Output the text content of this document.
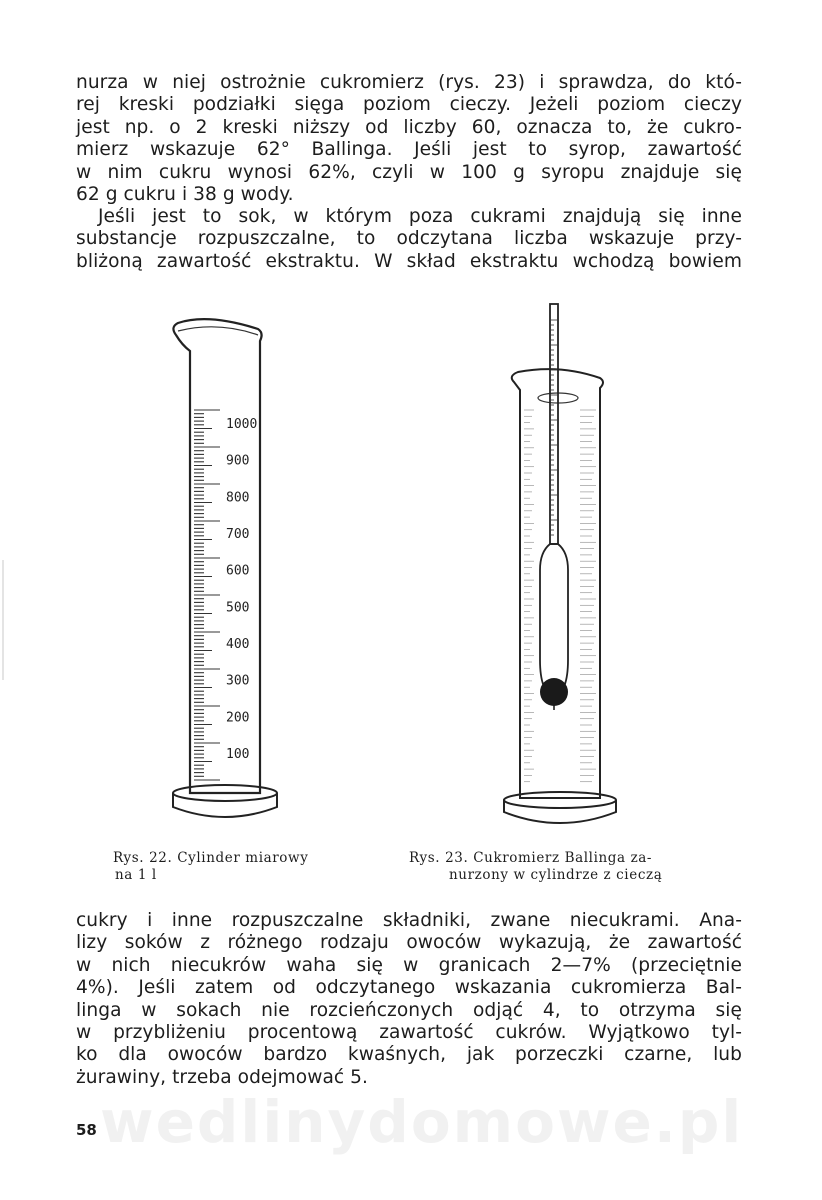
nurza w niej ostrożnie cukromierz (rys. 23) i sprawdza, do któ-
rej kreski podziałki sięga poziom cieczy. Jeżeli poziom cieczy
jest np. o 2 kreski niższy od liczby 60, oznacza to, że cukro-
mierz wskazuje 62° Ballinga. Jeśli jest to syrop, zawartość
w nim cukru wynosi 62%, czyli w 100 g syropu znajduje się
62 g cukru i 38 g wody.
Jeśli jest to sok, w którym poza cukrami znajdują się inne
substancje rozpuszczalne, to odczytana liczba wskazuje przy-
bliżoną zawartość ekstraktu. W skład ekstraktu wchodzą bowiem
1000
900
800
700
600
500
400
300
200
100
Rys. 22. Cylinder miarowy
na 1 l
Rys. 23. Cukromierz Ballinga za-
nurzony w cylindrze z cieczą
cukry i inne rozpuszczalne składniki, zwane niecukrami. Ana-
lizy soków z różnego rodzaju owoców wykazują, że zawartość
w nich niecukrów waha się w granicach 2—7% (przeciętnie
4%). Jeśli zatem od odczytanego wskazania cukromierza Bal-
linga w sokach nie rozcieńczonych odjąć 4, to otrzyma się
w przybliżeniu procentową zawartość cukrów. Wyjątkowo tyl-
ko dla owoców bardzo kwaśnych, jak porzeczki czarne, lub
żurawiny, trzeba odejmować 5.
wedlinydomowe.pl
58
